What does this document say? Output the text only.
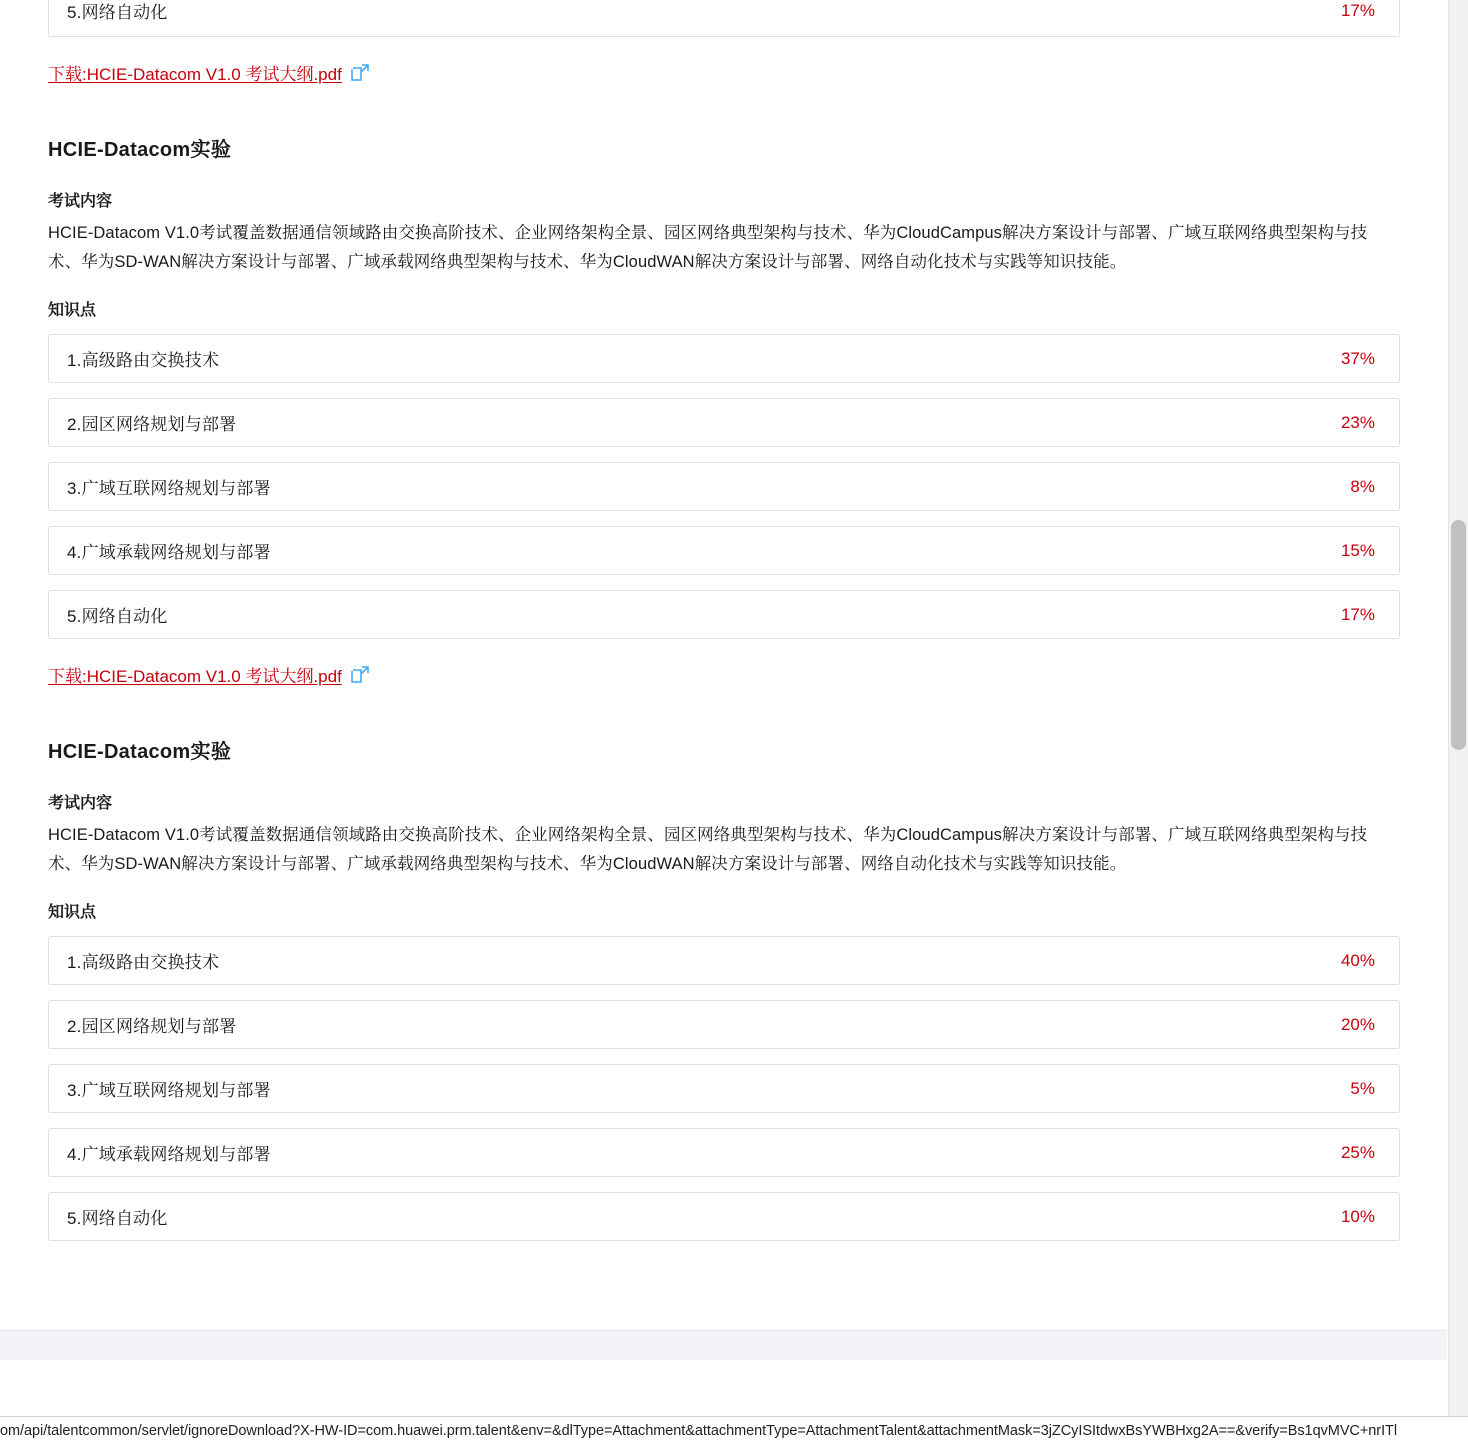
5.网络自动化	17%
下载:HCIE-Datacom V1.0 考试大纲.pdf
HCIE-Datacom实验
考试内容

HCIE-Datacom V1.0考试覆盖数据通信领域路由交换高阶技术、企业网络架构全景、园区网络典型架构与技术、华为CloudCampus解决方案设计与部署、广域互联网络典型架构与技术、华为SD-WAN解决方案设计与部署、广域承载网络典型架构与技术、华为CloudWAN解决方案设计与部署、网络自动化技术与实践等知识技能。

知识点
1.高级路由交换技术	37%
2.园区网络规划与部署	23%
3.广域互联网络规划与部署	8%
4.广域承载网络规划与部署	15%
5.网络自动化	17%
下载:HCIE-Datacom V1.0 考试大纲.pdf
HCIE-Datacom实验
考试内容

HCIE-Datacom V1.0考试覆盖数据通信领域路由交换高阶技术、企业网络架构全景、园区网络典型架构与技术、华为CloudCampus解决方案设计与部署、广域互联网络典型架构与技术、华为SD-WAN解决方案设计与部署、广域承载网络典型架构与技术、华为CloudWAN解决方案设计与部署、网络自动化技术与实践等知识技能。

知识点
1.高级路由交换技术	40%
2.园区网络规划与部署	20%
3.广域互联网络规划与部署	5%
4.广域承载网络规划与部署	25%
5.网络自动化	10%
om/api/talentcommon/servlet/ignoreDownload?X-HW-ID=com.huawei.prm.talent&env=&dlType=Attachment&attachmentType=AttachmentTalent&attachmentMask=3jZCyISItdwxBsYWBHxg2A==&verify=Bs1qvMVC+nrITl
